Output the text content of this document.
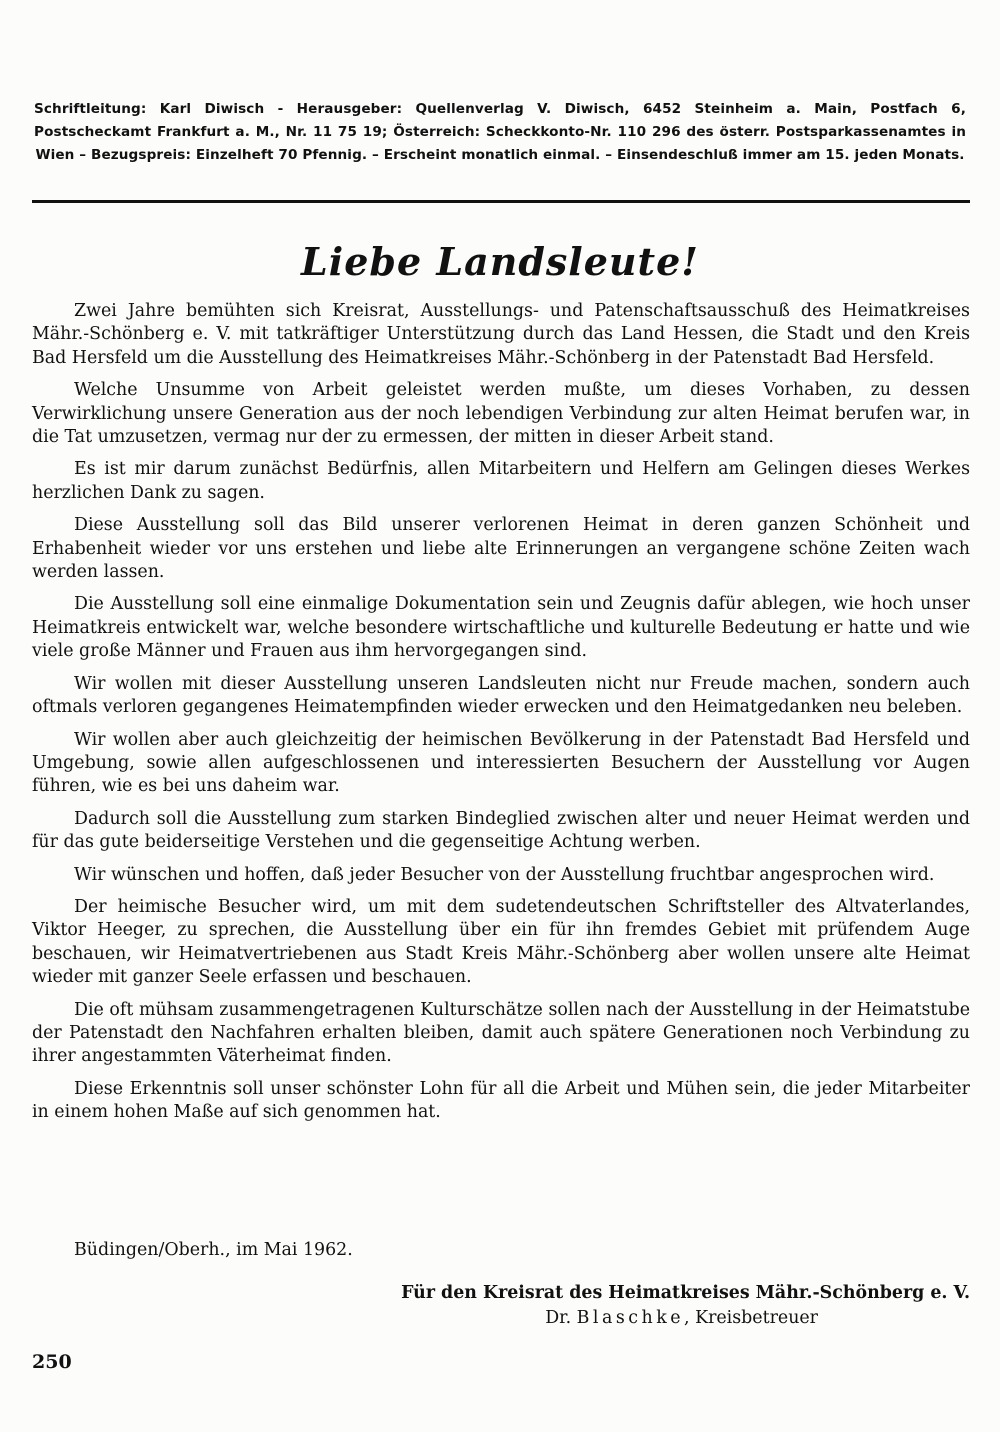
Schriftleitung: Karl Diwisch - Herausgeber: Quellenverlag V. Diwisch, 6452 Steinheim a. Main, Postfach 6, Postscheckamt Frankfurt a. M., Nr. 11 75 19; Österreich: Scheckkonto-Nr. 110 296 des österr. Postsparkassenamtes in Wien – Bezugspreis: Einzelheft 70 Pfennig. – Erscheint monatlich einmal. – Einsendeschluß immer am 15. jeden Monats.
Liebe Landsleute!

Zwei Jahre bemühten sich Kreisrat, Ausstellungs- und Patenschaftsausschuß des Heimatkreises Mähr.-Schönberg e. V. mit tatkräftiger Unterstützung durch das Land Hessen, die Stadt und den Kreis Bad Hersfeld um die Ausstellung des Heimatkreises Mähr.-Schönberg in der Patenstadt Bad Hersfeld.

Welche Unsumme von Arbeit geleistet werden mußte, um dieses Vorhaben, zu dessen Verwirklichung unsere Generation aus der noch lebendigen Verbindung zur alten Heimat berufen war, in die Tat umzusetzen, vermag nur der zu ermessen, der mitten in dieser Arbeit stand.

Es ist mir darum zunächst Bedürfnis, allen Mitarbeitern und Helfern am Gelingen dieses Werkes herzlichen Dank zu sagen.

Diese Ausstellung soll das Bild unserer verlorenen Heimat in deren ganzen Schönheit und Erhabenheit wieder vor uns erstehen und liebe alte Erinnerungen an vergangene schöne Zeiten wach werden lassen.

Die Ausstellung soll eine einmalige Dokumentation sein und Zeugnis dafür ablegen, wie hoch unser Heimatkreis entwickelt war, welche besondere wirtschaftliche und kulturelle Bedeutung er hatte und wie viele große Männer und Frauen aus ihm hervorgegangen sind.

Wir wollen mit dieser Ausstellung unseren Landsleuten nicht nur Freude machen, sondern auch oftmals verloren gegangenes Heimatempfinden wieder erwecken und den Heimatgedanken neu beleben.

Wir wollen aber auch gleichzeitig der heimischen Bevölkerung in der Patenstadt Bad Hersfeld und Umgebung, sowie allen aufgeschlossenen und interessierten Besuchern der Ausstellung vor Augen führen, wie es bei uns daheim war.

Dadurch soll die Ausstellung zum starken Bindeglied zwischen alter und neuer Heimat werden und für das gute beiderseitige Verstehen und die gegenseitige Achtung werben.

Wir wünschen und hoffen, daß jeder Besucher von der Ausstellung fruchtbar angesprochen wird.

Der heimische Besucher wird, um mit dem sudetendeutschen Schriftsteller des Altvaterlandes, Viktor Heeger, zu sprechen, die Ausstellung über ein für ihn fremdes Gebiet mit prüfendem Auge beschauen, wir Heimatvertriebenen aus Stadt Kreis Mähr.-Schönberg aber wollen unsere alte Heimat wieder mit ganzer Seele erfassen und beschauen.

Die oft mühsam zusammengetragenen Kulturschätze sollen nach der Ausstellung in der Heimatstube der Patenstadt den Nachfahren erhalten bleiben, damit auch spätere Generationen noch Verbindung zu ihrer angestammten Väterheimat finden.

Diese Erkenntnis soll unser schönster Lohn für all die Arbeit und Mühen sein, die jeder Mitarbeiter in einem hohen Maße auf sich genommen hat.

Büdingen/Oberh., im Mai 1962.
Für den Kreisrat des Heimatkreises Mähr.-Schönberg e. V.
Dr. Blaschke, Kreisbetreuer
250
